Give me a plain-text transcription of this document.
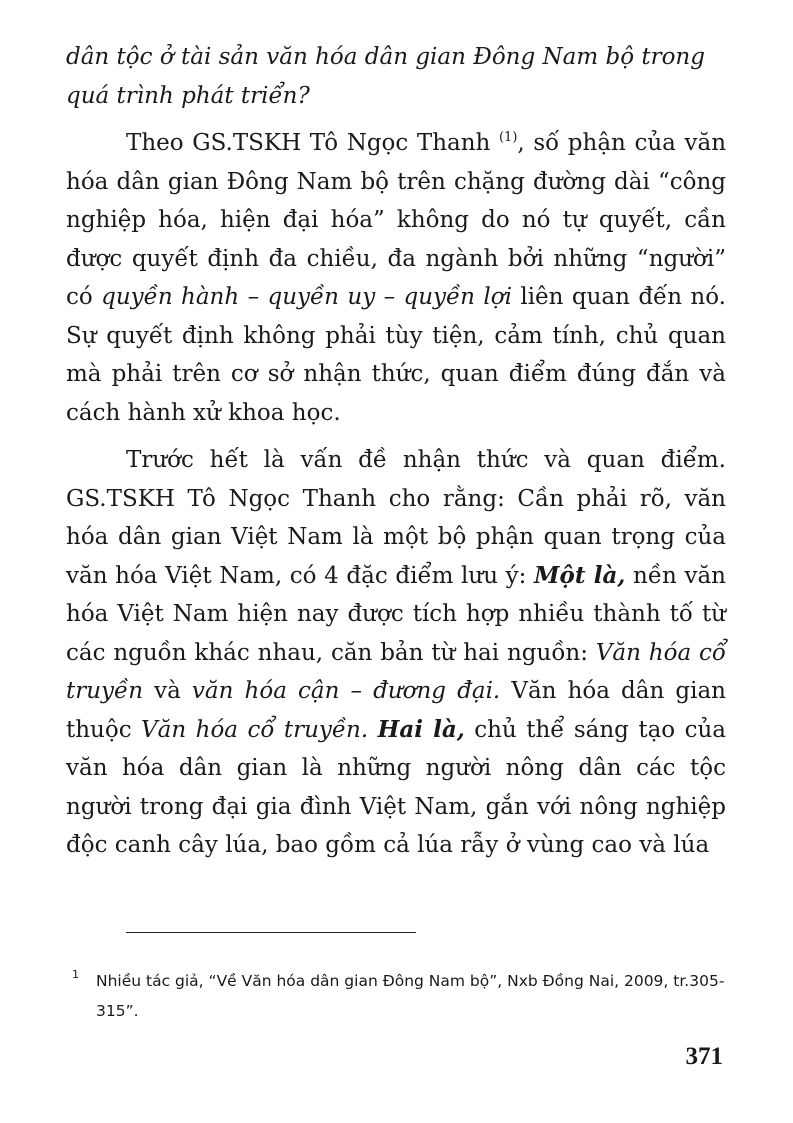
dân tộc ở tài sản văn hóa dân gian Đông Nam bộ trong quá trình phát triển?

Theo GS.TSKH Tô Ngọc Thanh $^{(1)}$, số phận của văn hóa dân gian Đông Nam bộ trên chặng đường dài “công nghiệp hóa, hiện đại hóa” không do nó tự quyết, cần được quyết định đa chiều, đa ngành bởi những “người” có quyền hành – quyền uy – quyền lợi liên quan đến nó. Sự quyết định không phải tùy tiện, cảm tính, chủ quan mà phải trên cơ sở nhận thức, quan điểm đúng đắn và cách hành xử khoa học.

Trước hết là vấn đề nhận thức và quan điểm. GS.TSKH Tô Ngọc Thanh cho rằng: Cần phải rõ, văn hóa dân gian Việt Nam là một bộ phận quan trọng của văn hóa Việt Nam, có 4 đặc điểm lưu ý: Một là, nền văn hóa Việt Nam hiện nay được tích hợp nhiều thành tố từ các nguồn khác nhau, căn bản từ hai nguồn: Văn hóa cổ truyền và văn hóa cận – đương đại. Văn hóa dân gian thuộc Văn hóa cổ truyền. Hai là, chủ thể sáng tạo của văn hóa dân gian là những người nông dân các tộc người trong đại gia đình Việt Nam, gắn với nông nghiệp độc canh cây lúa, bao gồm cả lúa rẫy ở vùng cao và lúa

1	Nhiều tác giả, “Về Văn hóa dân gian Đông Nam bộ”, Nxb Đồng Nai, 2009, tr.305-315”.
371
